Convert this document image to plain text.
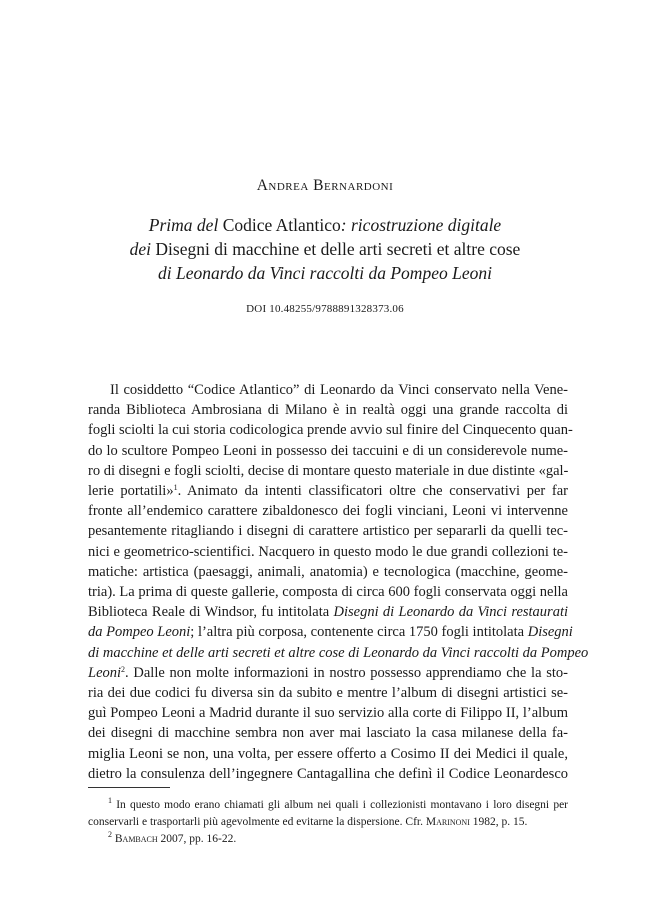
Andrea Bernardoni
Prima del Codice Atlantico: ricostruzione digitale
dei Disegni di macchine et delle arti secreti et altre cose
di Leonardo da Vinci raccolti da Pompeo Leoni
DOI 10.48255/9788891328373.06
Il cosiddetto “Codice Atlantico” di Leonardo da Vinci conservato nella Vene-
randa Biblioteca Ambrosiana di Milano è in realtà oggi una grande raccolta di
fogli sciolti la cui storia codicologica prende avvio sul finire del Cinquecento quan-
do lo scultore Pompeo Leoni in possesso dei taccuini e di un considerevole nume-
ro di disegni e fogli sciolti, decise di montare questo materiale in due distinte «gal-
lerie portatili»$^1$. Animato da intenti classificatori oltre che conservativi per far
fronte all’endemico carattere zibaldonesco dei fogli vinciani, Leoni vi intervenne
pesantemente ritagliando i disegni di carattere artistico per separarli da quelli tec-
nici e geometrico-scientifici. Nacquero in questo modo le due grandi collezioni te-
matiche: artistica (paesaggi, animali, anatomia) e tecnologica (macchine, geome-
tria). La prima di queste gallerie, composta di circa 600 fogli conservata oggi nella
Biblioteca Reale di Windsor, fu intitolata Disegni di Leonardo da Vinci restaurati
da Pompeo Leoni; l’altra più corposa, contenente circa 1750 fogli intitolata Disegni
di macchine et delle arti secreti et altre cose di Leonardo da Vinci raccolti da Pompeo
Leoni$^2$. Dalle non molte informazioni in nostro possesso apprendiamo che la sto-
ria dei due codici fu diversa sin da subito e mentre l’album di disegni artistici se-
guì Pompeo Leoni a Madrid durante il suo servizio alla corte di Filippo II, l’album
dei disegni di macchine sembra non aver mai lasciato la casa milanese della fa-
miglia Leoni se non, una volta, per essere offerto a Cosimo II dei Medici il quale,
dietro la consulenza dell’ingegnere Cantagallina che definì il Codice Leonardesco
$^1$ In questo modo erano chiamati gli album nei quali i collezionisti montavano i loro disegni per
conservarli e trasportarli più agevolmente ed evitarne la dispersione. Cfr. Marinoni 1982, p. 15.
$^2$ Bambach 2007, pp. 16-22.
